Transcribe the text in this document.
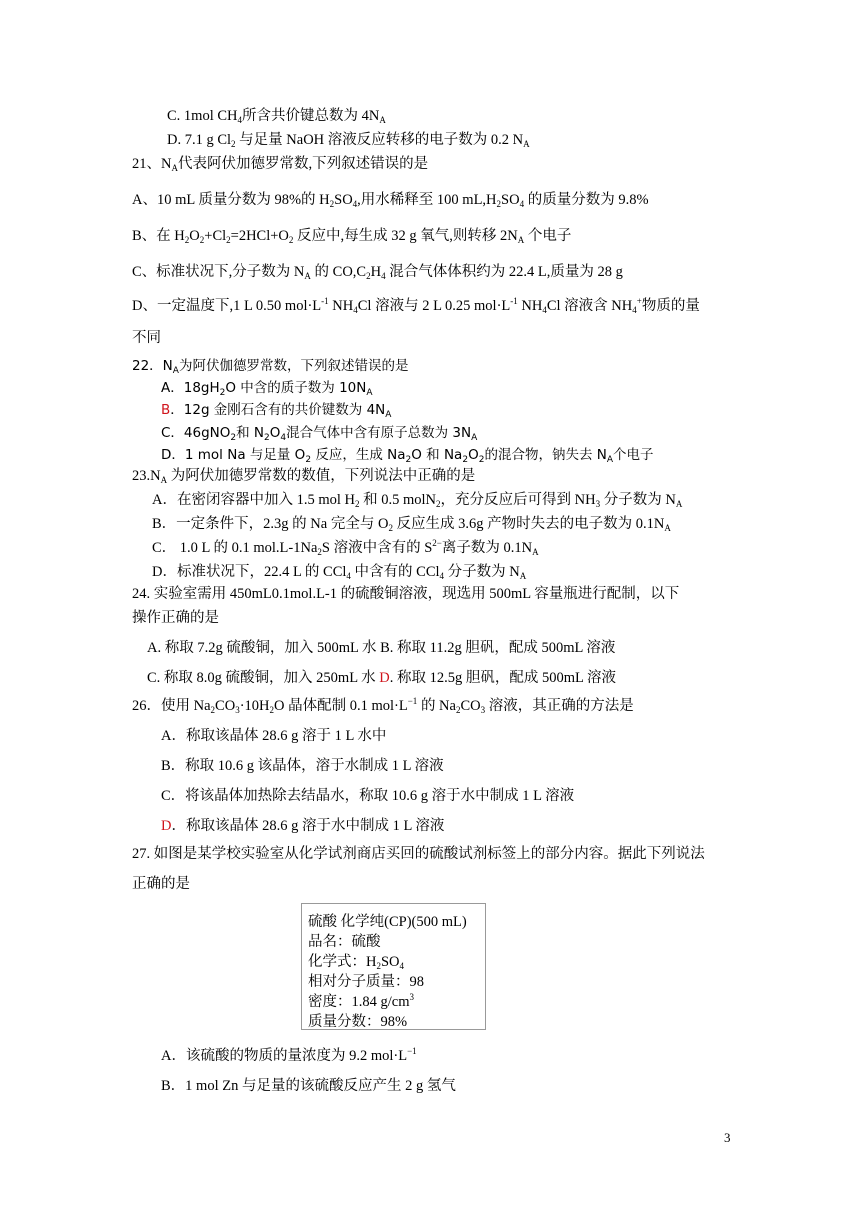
C. 1mol $CH_4$所含共价键总数为 $4N_A$
D. 7.1 g $Cl_2$ 与足量 NaOH 溶液反应转移的电子数为 0.2 $N_A$
21、$N_A$代表阿伏加德罗常数,下列叙述错误的是
A、10 mL 质量分数为 98%的 $H_2SO_4$,用水稀释至 100 $mL,H_2SO_4$ 的质量分数为 9.8%
B、在 $H_2O_2+Cl_2=2HCl+O_2$ 反应中,每生成 32 g 氧气,则转移 $2N_A$ 个电子
C、标准状况下,分子数为 $N_A$ 的 $CO,C_2H_4$ 混合气体体积约为 22.4 L,质量为 28 g
D、一定温度下,1 L 0.50 $mol\cdot L^{-1}$ $NH_4Cl$ 溶液与 2 L 0.25 $mol\cdot L^{-1}$ $NH_4Cl$ 溶液含 $NH_4^+$物质的量
不同
22．$N_A$为阿伏伽德罗常数，下列叙述错误的是
A．$18gH_2O$ 中含的质子数为 $10N_A$
B．12g 金刚石含有的共价键数为 $4N_A$
C．46gNO$_2$和 $N_2O_4$混合气体中含有原子总数为 $3N_A$
D．1 mol Na 与足量 $O_2$ 反应，生成 $Na_2O$ 和 $Na_2O_2$的混合物，钠失去 $N_A$个电子
$23.N_A$ 为阿伏加德罗常数的数值，下列说法中正确的是
A．在密闭容器中加入 1.5 mol $H_2$ 和 0.5 molN$_2$，充分反应后可得到 $NH_3$ 分子数为 $N_A$
B．一定条件下，2.3g 的 Na 完全与 $O_2$ 反应生成 3.6g 产物时失去的电子数为 $0.1N_A$
C． 1.0 L 的 0.1 $mol.L-1Na_2S$ 溶液中含有的 $S^{2-}$离子数为 $0.1N_A$
D．标准状况下，22.4 L 的 CCl$_4$ 中含有的 CCl$_4$ 分子数为 $N_A$
24. 实验室需用 450mL0.1mol.L-1 的硫酸铜溶液，现选用 500mL 容量瓶进行配制，以下
操作正确的是
A. 称取 7.2g 硫酸铜，加入 500mL 水 B. 称取 11.2g 胆矾，配成 500mL 溶液
C. 称取 8.0g 硫酸铜，加入 250mL 水 D. 称取 12.5g 胆矾，配成 500mL 溶液
26．使用 $Na_2CO_3\cdot 10H_2O$ 晶体配制 0.1 $mol\cdot L^{-1}$ 的 $Na_2CO_3$ 溶液，其正确的方法是
A．称取该晶体 28.6 g 溶于 1 L 水中
B．称取 10.6 g 该晶体，溶于水制成 1 L 溶液
C．将该晶体加热除去结晶水，称取 10.6 g 溶于水中制成 1 L 溶液
D．称取该晶体 28.6 g 溶于水中制成 1 L 溶液
27. 如图是某学校实验室从化学试剂商店买回的硫酸试剂标签上的部分内容。据此下列说法
正确的是
A．该硫酸的物质的量浓度为 9.2 $mol\cdot L^{-1}$
B．1 mol Zn 与足量的该硫酸反应产生 2 g 氢气
硫酸 化学纯(CP)(500 mL)
品名：硫酸
化学式：$H_2SO_4$
相对分子质量：98
密度：1.84 $g/cm^3$
质量分数：98%
3
